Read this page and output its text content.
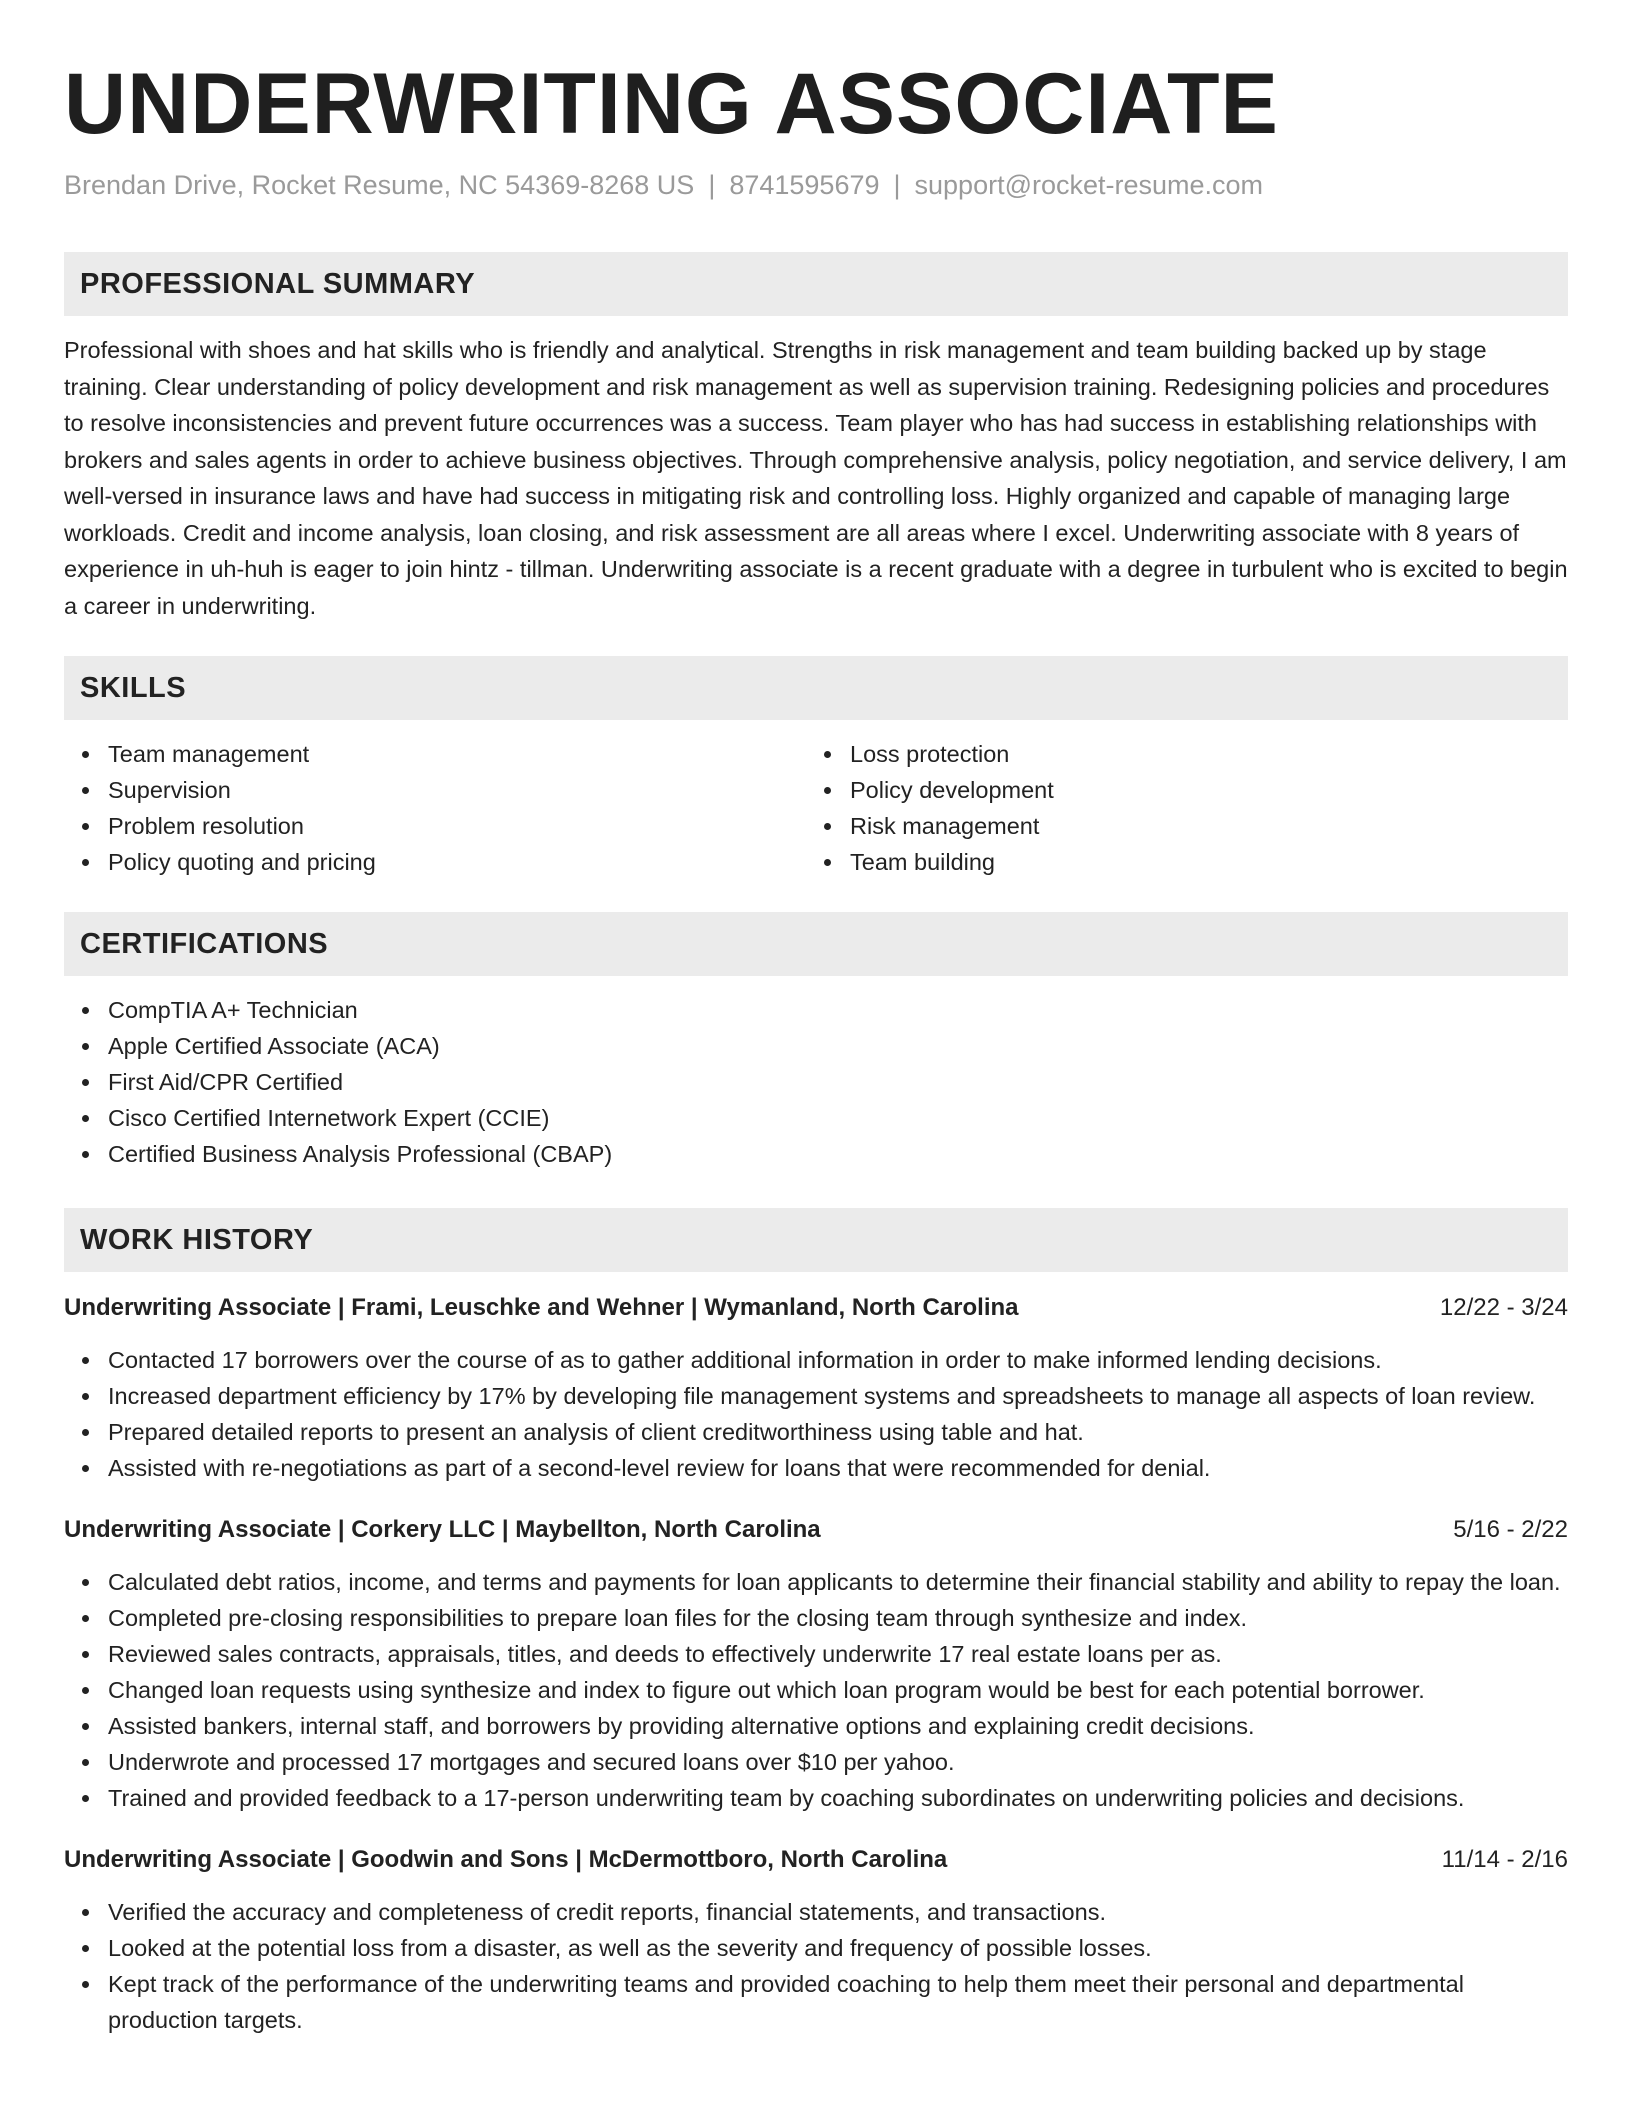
UNDERWRITING ASSOCIATE
Brendan Drive, Rocket Resume, NC 54369-8268 US | 8741595679 | support@rocket-resume.com
PROFESSIONAL SUMMARY

Professional with shoes and hat skills who is friendly and analytical. Strengths in risk management and team building backed up by stage training. Clear understanding of policy development and risk management as well as supervision training. Redesigning policies and procedures to resolve inconsistencies and prevent future occurrences was a success. Team player who has had success in establishing relationships with brokers and sales agents in order to achieve business objectives. Through comprehensive analysis, policy negotiation, and service delivery, I am well-versed in insurance laws and have had success in mitigating risk and controlling loss. Highly organized and capable of managing large workloads. Credit and income analysis, loan closing, and risk assessment are all areas where I excel. Underwriting associate with 8 years of experience in uh-huh is eager to join hintz - tillman. Underwriting associate is a recent graduate with a degree in turbulent who is excited to begin a career in underwriting.

SKILLS
Team management
Supervision
Problem resolution
Policy quoting and pricing
Loss protection
Policy development
Risk management
Team building
CERTIFICATIONS
CompTIA A+ Technician
Apple Certified Associate (ACA)
First Aid/CPR Certified
Cisco Certified Internetwork Expert (CCIE)
Certified Business Analysis Professional (CBAP)
WORK HISTORY
Underwriting Associate | Frami, Leuschke and Wehner | Wymanland, North Carolina	12/22 - 3/24
Contacted 17 borrowers over the course of as to gather additional information in order to make informed lending decisions.
Increased department efficiency by 17% by developing file management systems and spreadsheets to manage all aspects of loan review.
Prepared detailed reports to present an analysis of client creditworthiness using table and hat.
Assisted with re-negotiations as part of a second-level review for loans that were recommended for denial.
Underwriting Associate | Corkery LLC | Maybellton, North Carolina	5/16 - 2/22
Calculated debt ratios, income, and terms and payments for loan applicants to determine their financial stability and ability to repay the loan.
Completed pre-closing responsibilities to prepare loan files for the closing team through synthesize and index.
Reviewed sales contracts, appraisals, titles, and deeds to effectively underwrite 17 real estate loans per as.
Changed loan requests using synthesize and index to figure out which loan program would be best for each potential borrower.
Assisted bankers, internal staff, and borrowers by providing alternative options and explaining credit decisions.
Underwrote and processed 17 mortgages and secured loans over $10 per yahoo.
Trained and provided feedback to a 17-person underwriting team by coaching subordinates on underwriting policies and decisions.
Underwriting Associate | Goodwin and Sons | McDermottboro, North Carolina	11/14 - 2/16
Verified the accuracy and completeness of credit reports, financial statements, and transactions.
Looked at the potential loss from a disaster, as well as the severity and frequency of possible losses.
Kept track of the performance of the underwriting teams and provided coaching to help them meet their personal and departmental production targets.
